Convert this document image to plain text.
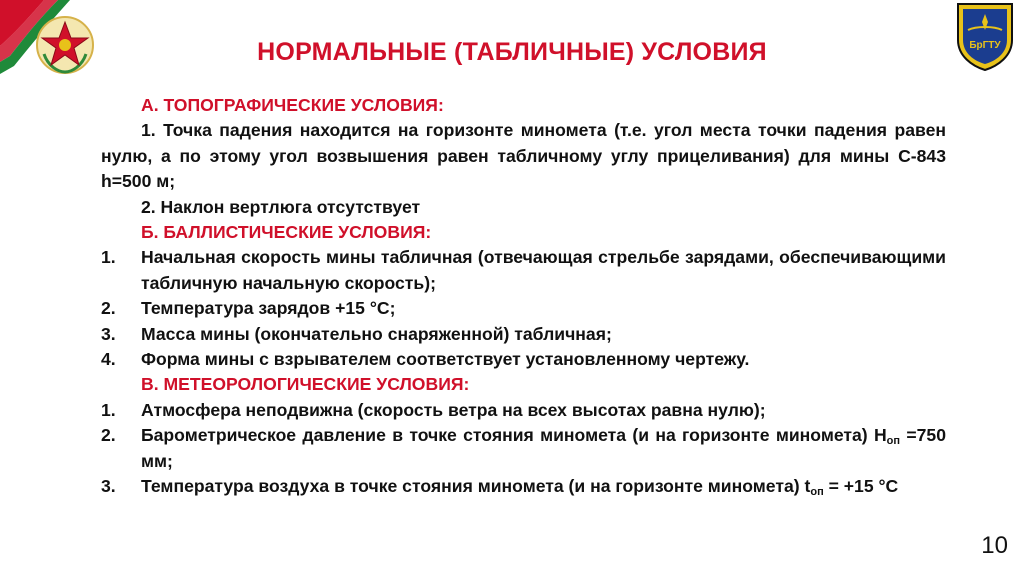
БрГТУ
НОРМАЛЬНЫЕ (ТАБЛИЧНЫЕ) УСЛОВИЯ
А. ТОПОГРАФИЧЕСКИЕ УСЛОВИЯ:
1. Точка падения находится на горизонте миномета (т.е. угол места точки падения равен нулю, а по этому угол возвышения равен табличному углу прицеливания) для мины С-843 h=500 м;
2. Наклон вертлюга отсутствует
Б. БАЛЛИСТИЧЕСКИЕ УСЛОВИЯ:
1.	Начальная скорость мины табличная (отвечающая стрельбе зарядами, обеспечивающими табличную начальную скорость);
2.	Температура зарядов +15 °С;
3.	Масса мины (окончательно снаряженной) табличная;
4.	Форма мины с взрывателем соответствует установленному чертежу.
В. МЕТЕОРОЛОГИЧЕСКИЕ УСЛОВИЯ:
1.	Атмосфера неподвижна (скорость ветра на всех высотах равна нулю);
2.	Барометрическое давление в точке стояния миномета (и на горизонте миномета) $Н_{оп} =750$ мм;
3.	Температура воздуха в точке стояния миномета (и на горизонте миномета) $t_{оп} = +15$ °С
10
